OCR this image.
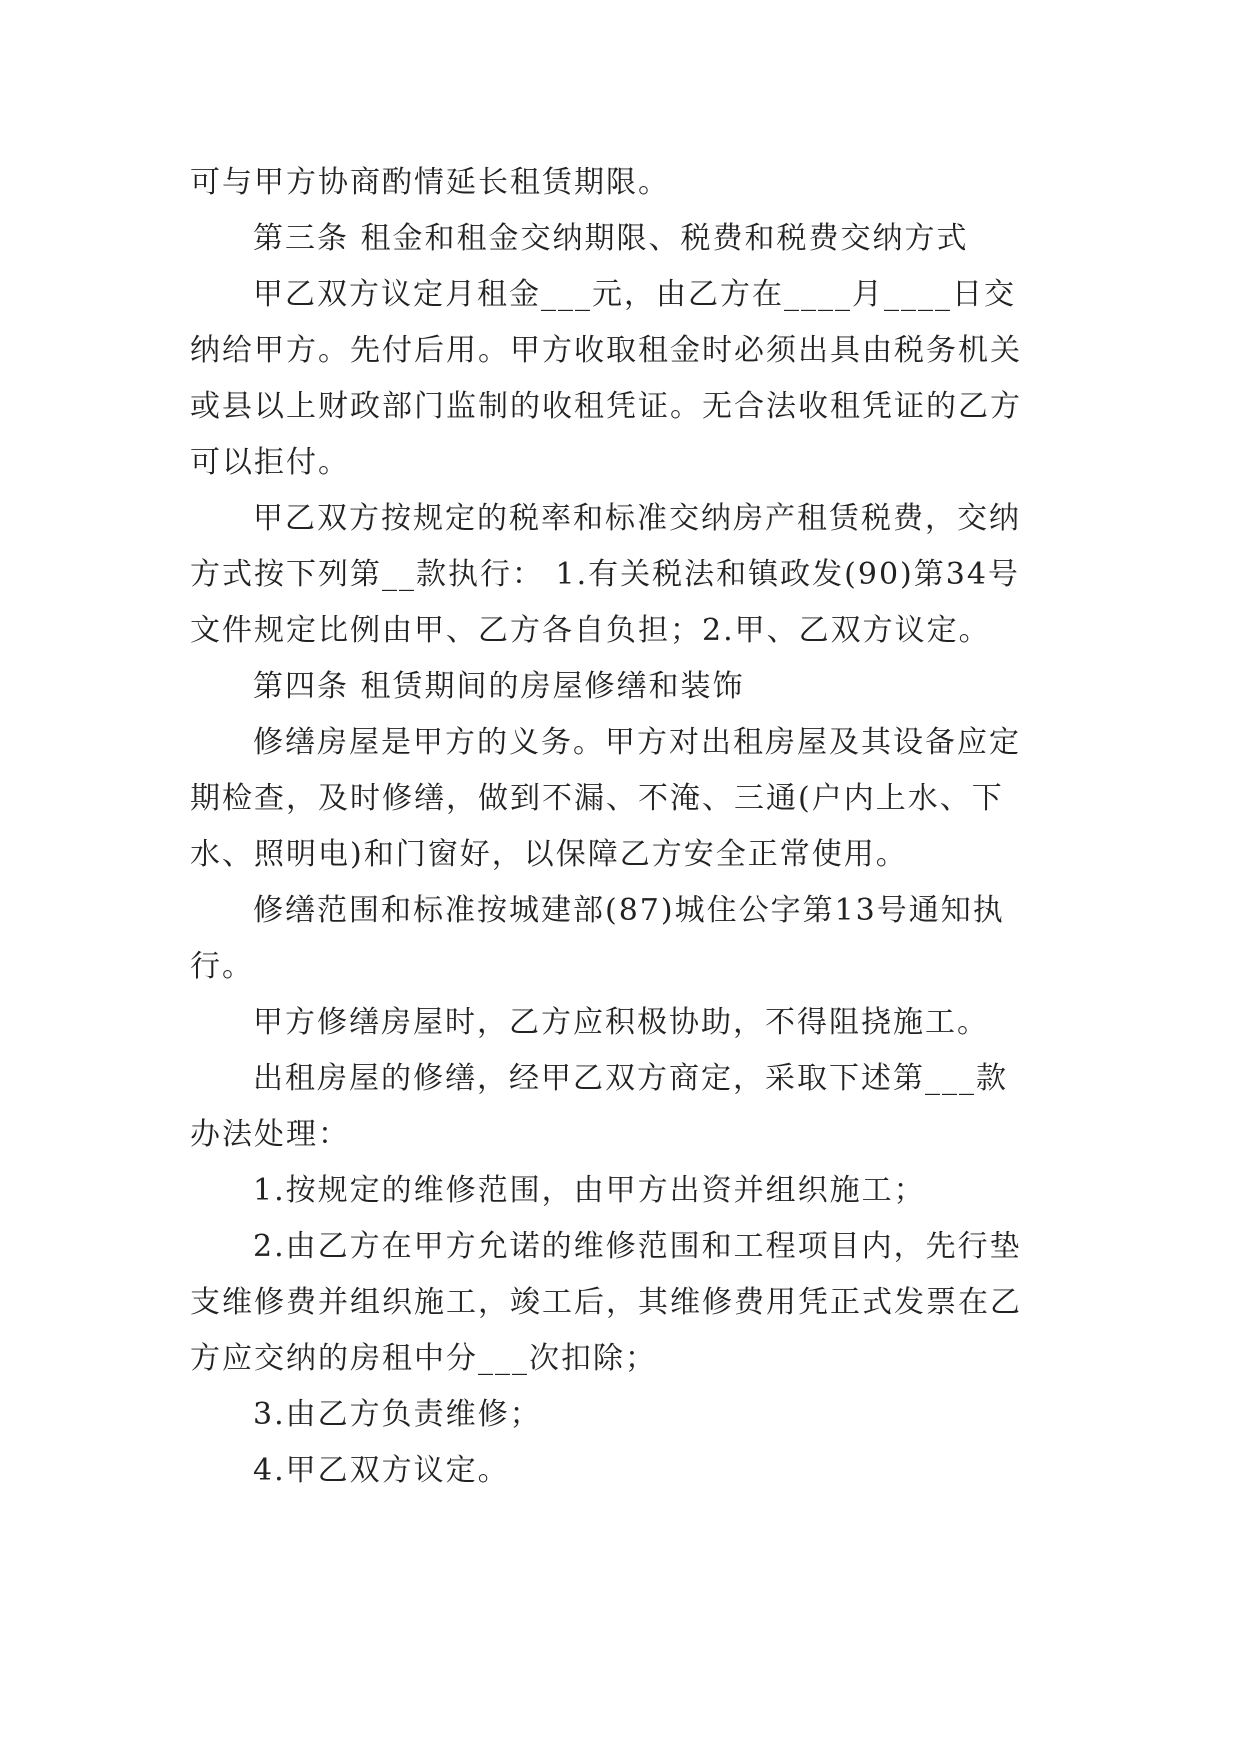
可与甲方协商酌情延长租赁期限。

第三条 租金和租金交纳期限、税费和税费交纳方式

甲乙双方议定月租金___元，由乙方在____月____日交

纳给甲方。先付后用。甲方收取租金时必须出具由税务机关

或县以上财政部门监制的收租凭证。无合法收租凭证的乙方

可以拒付。

甲乙双方按规定的税率和标准交纳房产租赁税费，交纳

方式按下列第__款执行： 1.有关税法和镇政发(90)第34号

文件规定比例由甲、乙方各自负担；2.甲、乙双方议定。

第四条 租赁期间的房屋修缮和装饰

修缮房屋是甲方的义务。甲方对出租房屋及其设备应定

期检查，及时修缮，做到不漏、不淹、三通(户内上水、下

水、照明电)和门窗好，以保障乙方安全正常使用。

修缮范围和标准按城建部(87)城住公字第13号通知执

行。

甲方修缮房屋时，乙方应积极协助，不得阻挠施工。

出租房屋的修缮，经甲乙双方商定，采取下述第___款

办法处理：

1.按规定的维修范围，由甲方出资并组织施工；

2.由乙方在甲方允诺的维修范围和工程项目内，先行垫

支维修费并组织施工，竣工后，其维修费用凭正式发票在乙

方应交纳的房租中分___次扣除；

3.由乙方负责维修；

4.甲乙双方议定。
